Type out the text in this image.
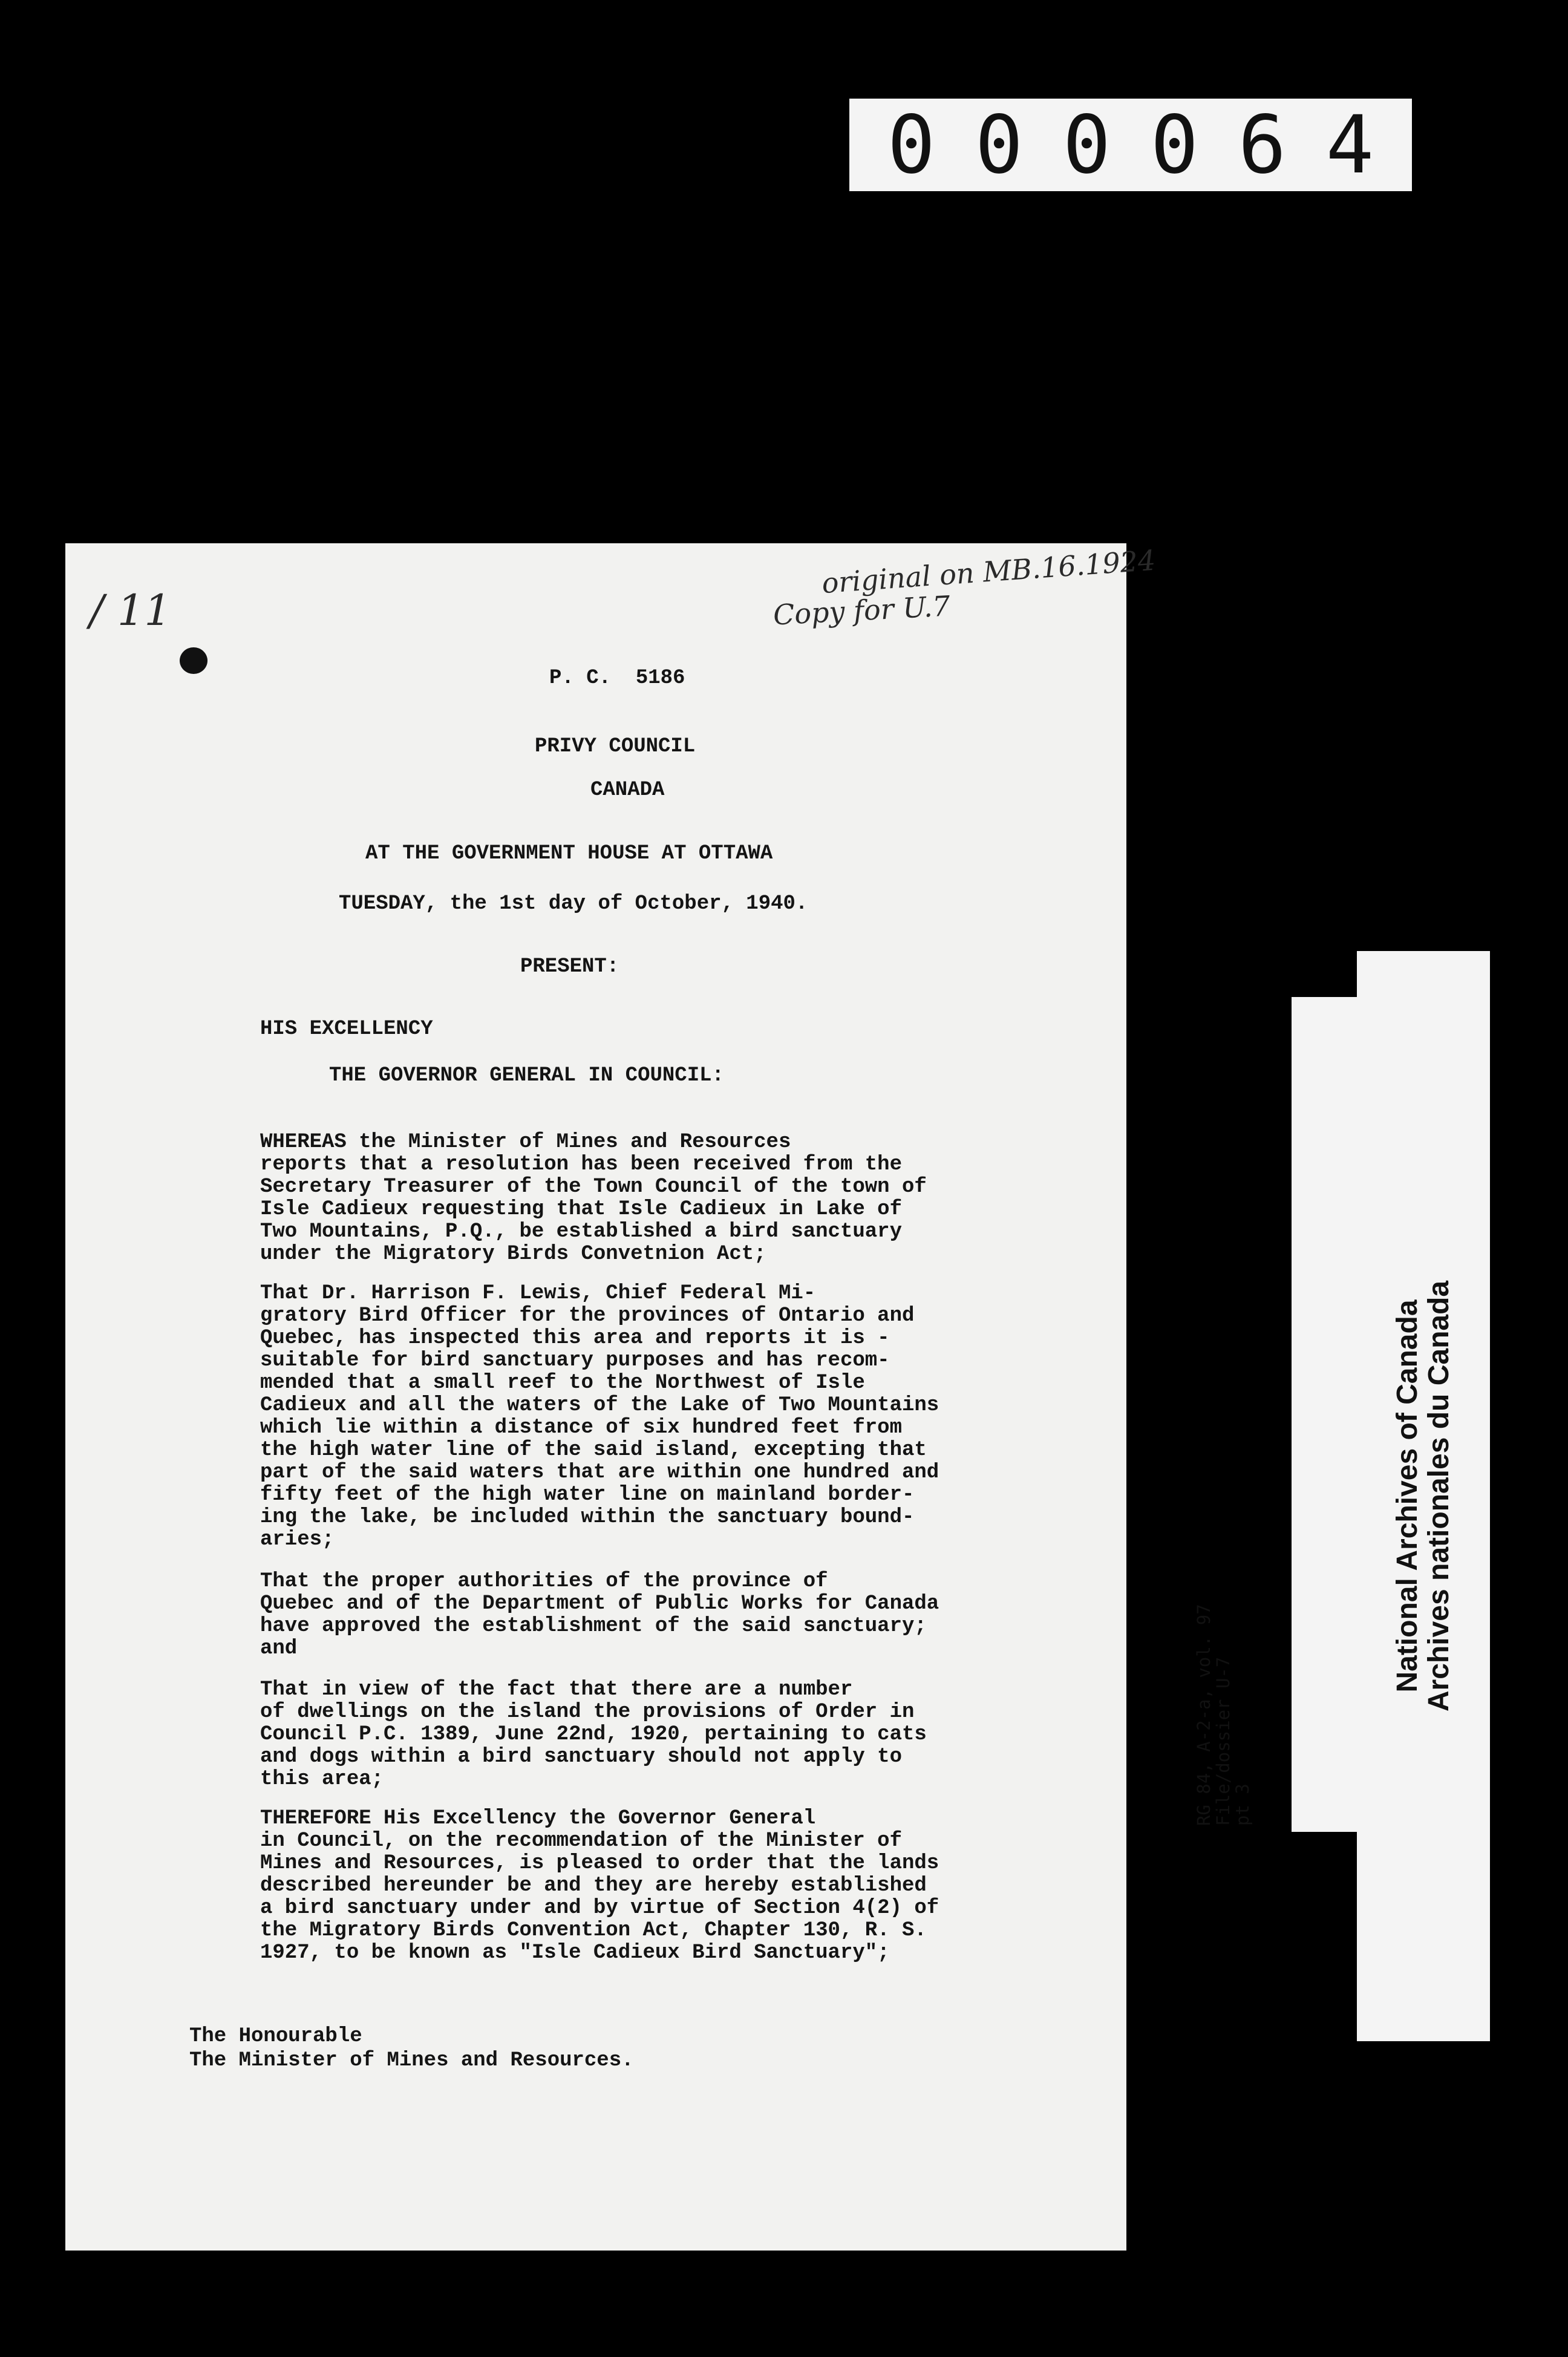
0 0 0 0 6 4
/ 11
original on MB.16.1924
Copy for U.7
P. C.  5186
PRIVY COUNCIL
CANADA
AT THE GOVERNMENT HOUSE AT OTTAWA
TUESDAY, the 1st day of October, 1940.
PRESENT:
HIS EXCELLENCY
THE GOVERNOR GENERAL IN COUNCIL:
WHEREAS the Minister of Mines and Resources
reports that a resolution has been received from the
Secretary Treasurer of the Town Council of the town of
Isle Cadieux requesting that Isle Cadieux in Lake of
Two Mountains, P.Q., be established a bird sanctuary
under the Migratory Birds Convetnion Act;
That Dr. Harrison F. Lewis, Chief Federal Mi-
gratory Bird Officer for the provinces of Ontario and
Quebec, has inspected this area and reports it is -
suitable for bird sanctuary purposes and has recom-
mended that a small reef to the Northwest of Isle
Cadieux and all the waters of the Lake of Two Mountains
which lie within a distance of six hundred feet from
the high water line of the said island, excepting that
part of the said waters that are within one hundred and
fifty feet of the high water line on mainland border-
ing the lake, be included within the sanctuary bound-
aries;
That the proper authorities of the province of
Quebec and of the Department of Public Works for Canada
have approved the establishment of the said sanctuary;
and
That in view of the fact that there are a number
of dwellings on the island the provisions of Order in
Council P.C. 1389, June 22nd, 1920, pertaining to cats
and dogs within a bird sanctuary should not apply to
this area;
THEREFORE His Excellency the Governor General
in Council, on the recommendation of the Minister of
Mines and Resources, is pleased to order that the lands
described hereunder be and they are hereby established
a bird sanctuary under and by virtue of Section 4(2) of
the Migratory Birds Convention Act, Chapter 130, R. S.
1927, to be known as "Isle Cadieux Bird Sanctuary";
The Honourable
The Minister of Mines and Resources.
RG 84, A-2-a, vol. 97
File/dossier U-7
pt 3

National Archives of Canada Archives nationales du Canada
